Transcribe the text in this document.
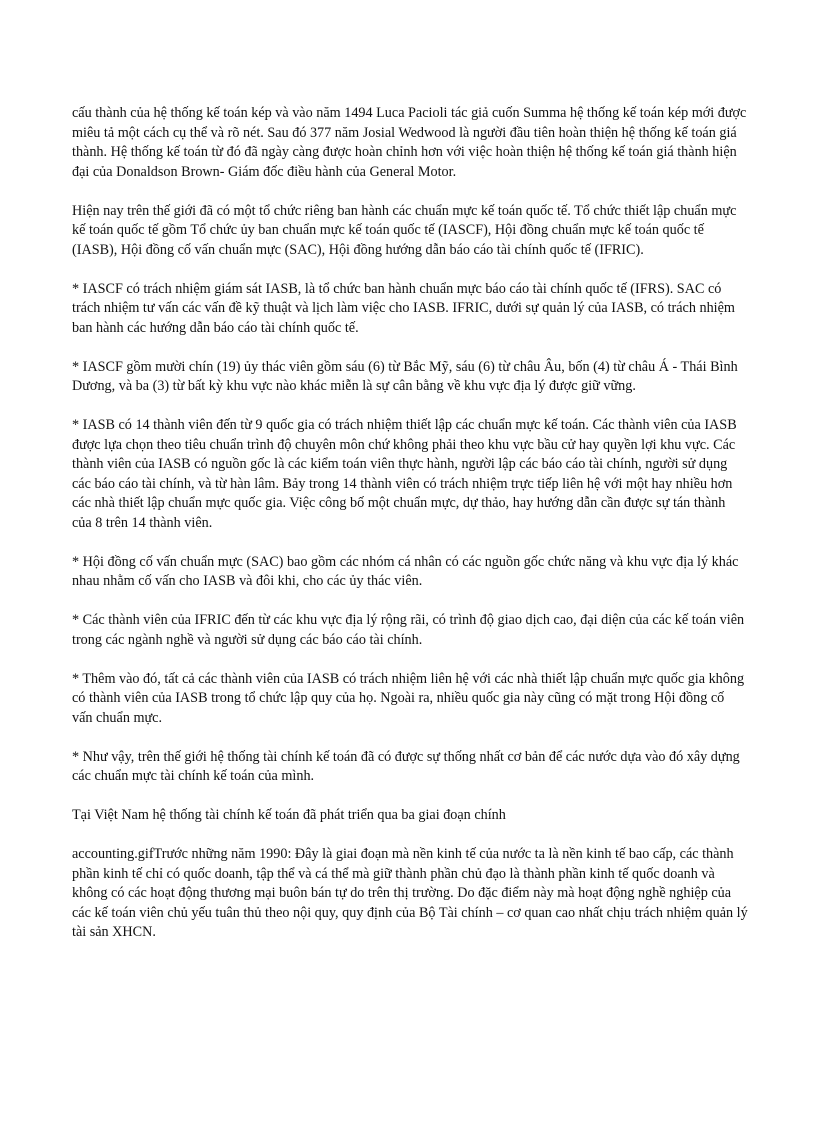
cấu thành của hệ thống kế toán kép và vào năm 1494 Luca Pacioli tác giả cuốn Summa hệ thống kế toán kép mới được miêu tả một cách cụ thể và rõ nét. Sau đó 377 năm Josial Wedwood là người đầu tiên hoàn thiện hệ thống kế toán giá thành. Hệ thống kế toán từ đó đã ngày càng được hoàn chỉnh hơn với việc hoàn thiện hệ thống kế toán giá thành hiện đại của Donaldson Brown- Giám đốc điều hành của General Motor.

Hiện nay trên thế giới đã có một tổ chức riêng ban hành các chuẩn mực kế toán quốc tế. Tổ chức thiết lập chuẩn mực kế toán quốc tế gồm Tổ chức ủy ban chuẩn mực kế toán quốc tế (IASCF), Hội đồng chuẩn mực kế toán quốc tế (IASB), Hội đồng cố vấn chuẩn mực (SAC), Hội đồng hướng dẫn báo cáo tài chính quốc tế (IFRIC).

* IASCF có trách nhiệm giám sát IASB, là tổ chức ban hành chuẩn mực báo cáo tài chính quốc tế (IFRS). SAC có trách nhiệm tư vấn các vấn đề kỹ thuật và lịch làm việc cho IASB. IFRIC, dưới sự quản lý của IASB, có trách nhiệm ban hành các hướng dẫn báo cáo tài chính quốc tế.

* IASCF gồm mười chín (19) ủy thác viên gồm sáu (6) từ Bắc Mỹ, sáu (6) từ châu Âu, bốn (4) từ châu Á - Thái Bình Dương, và ba (3) từ bất kỳ khu vực nào khác miễn là sự cân bằng về khu vực địa lý được giữ vững.

* IASB có 14 thành viên đến từ 9 quốc gia có trách nhiệm thiết lập các chuẩn mực kế toán. Các thành viên của IASB được lựa chọn theo tiêu chuẩn trình độ chuyên môn chứ không phải theo khu vực bầu cử hay quyền lợi khu vực. Các thành viên của IASB có nguồn gốc là các kiểm toán viên thực hành, người lập các báo cáo tài chính, người sử dụng các báo cáo tài chính, và từ hàn lâm. Bảy trong 14 thành viên có trách nhiệm trực tiếp liên hệ với một hay nhiều hơn các nhà thiết lập chuẩn mực quốc gia. Việc công bố một chuẩn mực, dự thảo, hay hướng dẫn cần được sự tán thành của 8 trên 14 thành viên.

* Hội đồng cố vấn chuẩn mực (SAC) bao gồm các nhóm cá nhân có các nguồn gốc chức năng và khu vực địa lý khác nhau nhằm cố vấn cho IASB và đôi khi, cho các ủy thác viên.

* Các thành viên của IFRIC đến từ các khu vực địa lý rộng rãi, có trình độ giao dịch cao, đại diện của các kế toán viên trong các ngành nghề và người sử dụng các báo cáo tài chính.

* Thêm vào đó, tất cả các thành viên của IASB có trách nhiệm liên hệ với các nhà thiết lập chuẩn mực quốc gia không có thành viên của IASB trong tổ chức lập quy của họ. Ngoài ra, nhiều quốc gia này cũng có mặt trong Hội đồng cố vấn chuẩn mực.

* Như vậy, trên thế giới hệ thống tài chính kế toán đã có được sự thống nhất cơ bản để các nước dựa vào đó xây dựng các chuẩn mực tài chính kế toán của mình.

Tại Việt Nam hệ thống tài chính kế toán đã phát triển qua ba giai đoạn chính

accounting.gifTrước những năm 1990: Đây là giai đoạn mà nền kinh tế của nước ta là nền kinh tế bao cấp, các thành phần kinh tế chỉ có quốc doanh, tập thể và cá thể mà giữ thành phần chủ đạo là thành phần kinh tế quốc doanh và không có các hoạt động thương mại buôn bán tự do trên thị trường. Do đặc điểm này mà hoạt động nghề nghiệp của các kế toán viên chủ yếu tuân thủ theo nội quy, quy định của Bộ Tài chính – cơ quan cao nhất chịu trách nhiệm quản lý tài sản XHCN.
